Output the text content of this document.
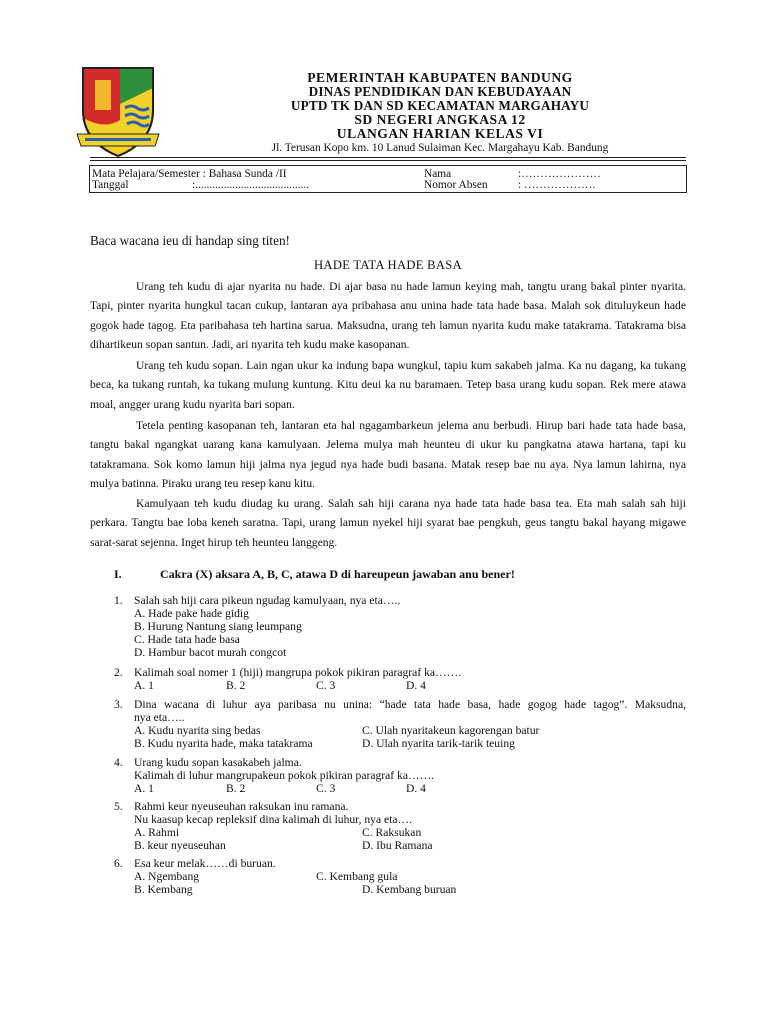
PEMERINTAH KABUPATEN BANDUNG
DINAS PENDIDIKAN DAN KEBUDAYAAN
UPTD TK DAN SD KECAMATAN MARGAHAYU
SD NEGERI ANGKASA 12
ULANGAN HARIAN KELAS VI
Jl. Terusan Kopo km. 10 Lanud Sulaiman Kec. Margahayu Kab. Bandung
Mata Pelajara/Semester : Bahasa Sunda /II
Tanggal	:........................................
Nama	:…………………
Nomor Absen	: ……………….
Baca wacana ieu di handap sing titen!
HADE TATA HADE BASA

Urang teh kudu di ajar nyarita nu hade. Di ajar basa nu hade lamun keying mah, tangtu urang bakal pinter nyarita. Tapi, pinter nyarita hungkul tacan cukup, lantaran aya pribahasa anu unina hade tata hade basa. Malah sok dituluykeun hade gogok hade tagog. Eta paribahasa teh hartina sarua. Maksudna, urang teh lamun nyarita kudu make tatakrama. Tatakrama bisa dihartikeun sopan santun. Jadi, ari nyarita teh kudu make kasopanan.

Urang teh kudu sopan. Lain ngan ukur ka indung bapa wungkul, tapiu kum sakabeh jalma. Ka nu dagang, ka tukang beca, ka tukang runtah, ka tukang mulung kuntung. Kitu deui ka nu baramaen. Tetep basa urang kudu sopan. Rek mere atawa moal, angger urang kudu nyarita bari sopan.

Tetela penting kasopanan teh, lantaran eta hal ngagambarkeun jelema anu berbudi. Hirup bari hade tata hade basa, tangtu bakal ngangkat uarang kana kamulyaan. Jelema mulya mah heunteu di ukur ku pangkatna atawa hartana, tapi ku tatakramana. Sok komo lamun hiji jalma nya jegud nya hade budi basana. Matak resep bae nu aya. Nya lamun lahirna, nya mulya batinna. Piraku urang teu resep kanu kitu.

Kamulyaan teh kudu diudag ku urang. Salah sah hiji carana nya hade tata hade basa tea. Eta mah salah sah hiji perkara. Tangtu bae loba keneh saratna. Tapi, urang lamun nyekel hiji syarat bae pengkuh, geus tangtu bakal hayang migawe sarat-sarat sejenna. Inget hirup teh heunteu langgeng.

I.	Cakra (X) aksara A, B, C, atawa D di hareupeun jawaban anu bener!
1. Salah sah hiji cara pikeun ngudag kamulyaan, nya eta…..
A. Hade pake hade gidig
B. Hurung Nantung siang leumpang
C. Hade tata hade basa
D. Hambur bacot murah congcot
2. Kalimah soal nomer 1 (hiji) mangrupa pokok pikiran paragraf ka…….
A. 1	B. 2	C. 3	D. 4
3. Dina wacana di luhur aya paribasa nu unina: “hade tata hade basa, hade gogog hade tagog”. Maksudna,
nya eta…..
A. Kudu nyarita sing bedas	C. Ulah nyaritakeun kagorengan batur
B. Kudu nyarita hade, maka tatakrama	D. Ulah nyarita tarik-tarik teuing
4. Urang kudu sopan kasakabeh jalma.
Kalimah di luhur mangrupakeun pokok pikiran paragraf ka…….
A. 1	B. 2	C. 3	D. 4
5. Rahmi keur nyeuseuhan raksukan inu ramana.
Nu kaasup kecap repleksif dina kalimah di luhur, nya eta….
A. Rahmi	C. Raksukan
B. keur nyeuseuhan	D. Ibu Ramana
6. Esa keur melak……di buruan.
A. Ngembang	C. Kembang gula
B. Kembang	D. Kembang buruan
